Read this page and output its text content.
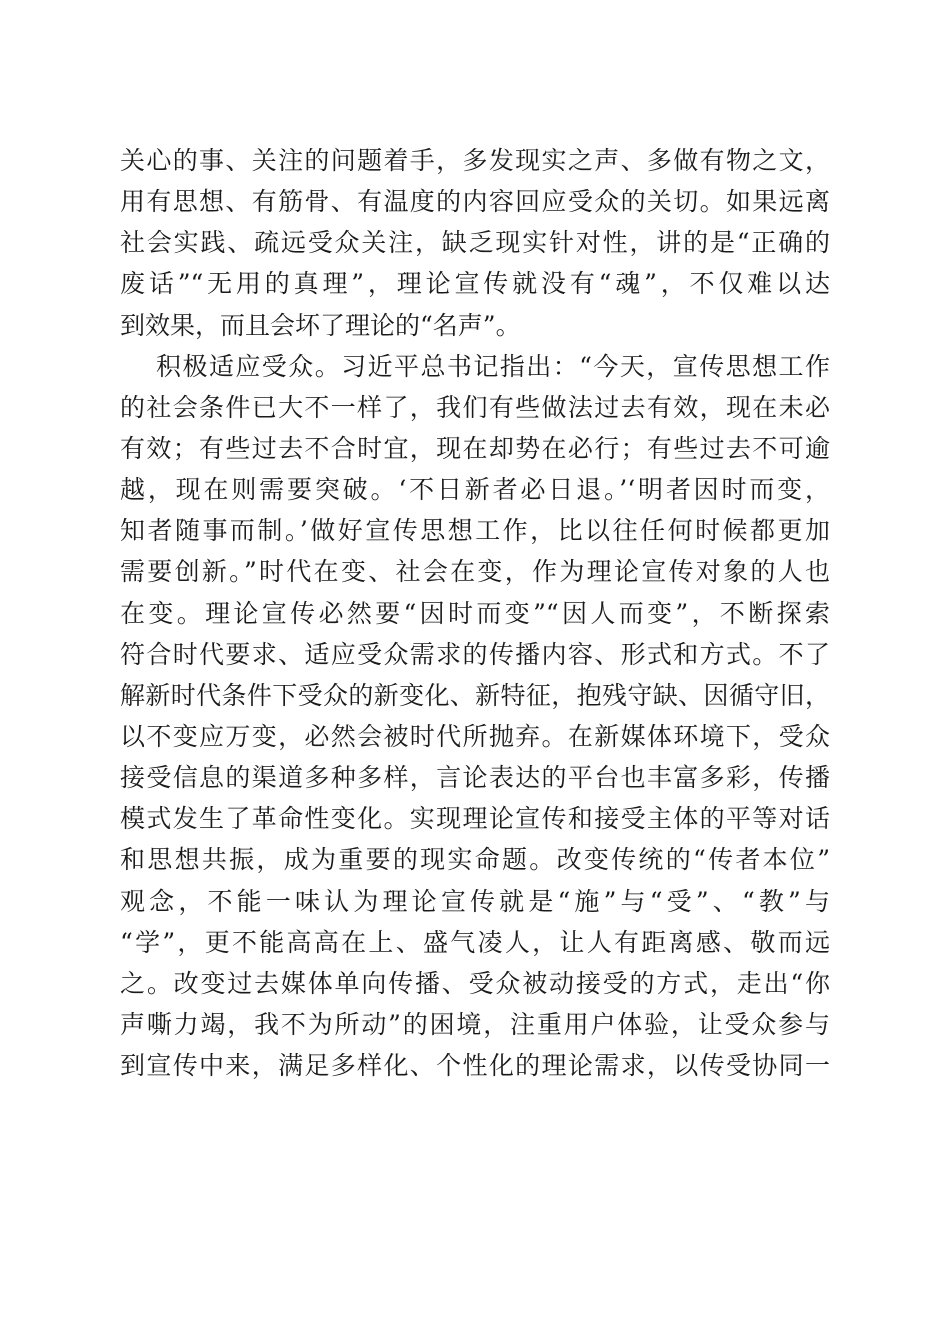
关心的事、关注的问题着手，多发现实之声、多做有物之文，
用有思想、有筋骨、有温度的内容回应受众的关切。如果远离
社会实践、疏远受众关注，缺乏现实针对性，讲的是“正确的
废话”“无用的真理”，理论宣传就没有“魂”，不仅难以达
到效果，而且会坏了理论的“名声”。
积极适应受众。习近平总书记指出：“今天，宣传思想工作
的社会条件已大不一样了，我们有些做法过去有效，现在未必
有效；有些过去不合时宜，现在却势在必行；有些过去不可逾
越，现在则需要突破。‘不日新者必日退。’‘明者因时而变，
知者随事而制。’做好宣传思想工作，比以往任何时候都更加
需要创新。”时代在变、社会在变，作为理论宣传对象的人也
在变。理论宣传必然要“因时而变”“因人而变”，不断探索
符合时代要求、适应受众需求的传播内容、形式和方式。不了
解新时代条件下受众的新变化、新特征，抱残守缺、因循守旧，
以不变应万变，必然会被时代所抛弃。在新媒体环境下，受众
接受信息的渠道多种多样，言论表达的平台也丰富多彩，传播
模式发生了革命性变化。实现理论宣传和接受主体的平等对话
和思想共振，成为重要的现实命题。改变传统的“传者本位”
观念，不能一味认为理论宣传就是“施”与“受”、“教”与
“学”，更不能高高在上、盛气凌人，让人有距离感、敬而远
之。改变过去媒体单向传播、受众被动接受的方式，走出“你
声嘶力竭，我不为所动”的困境，注重用户体验，让受众参与
到宣传中来，满足多样化、个性化的理论需求，以传受协同一
